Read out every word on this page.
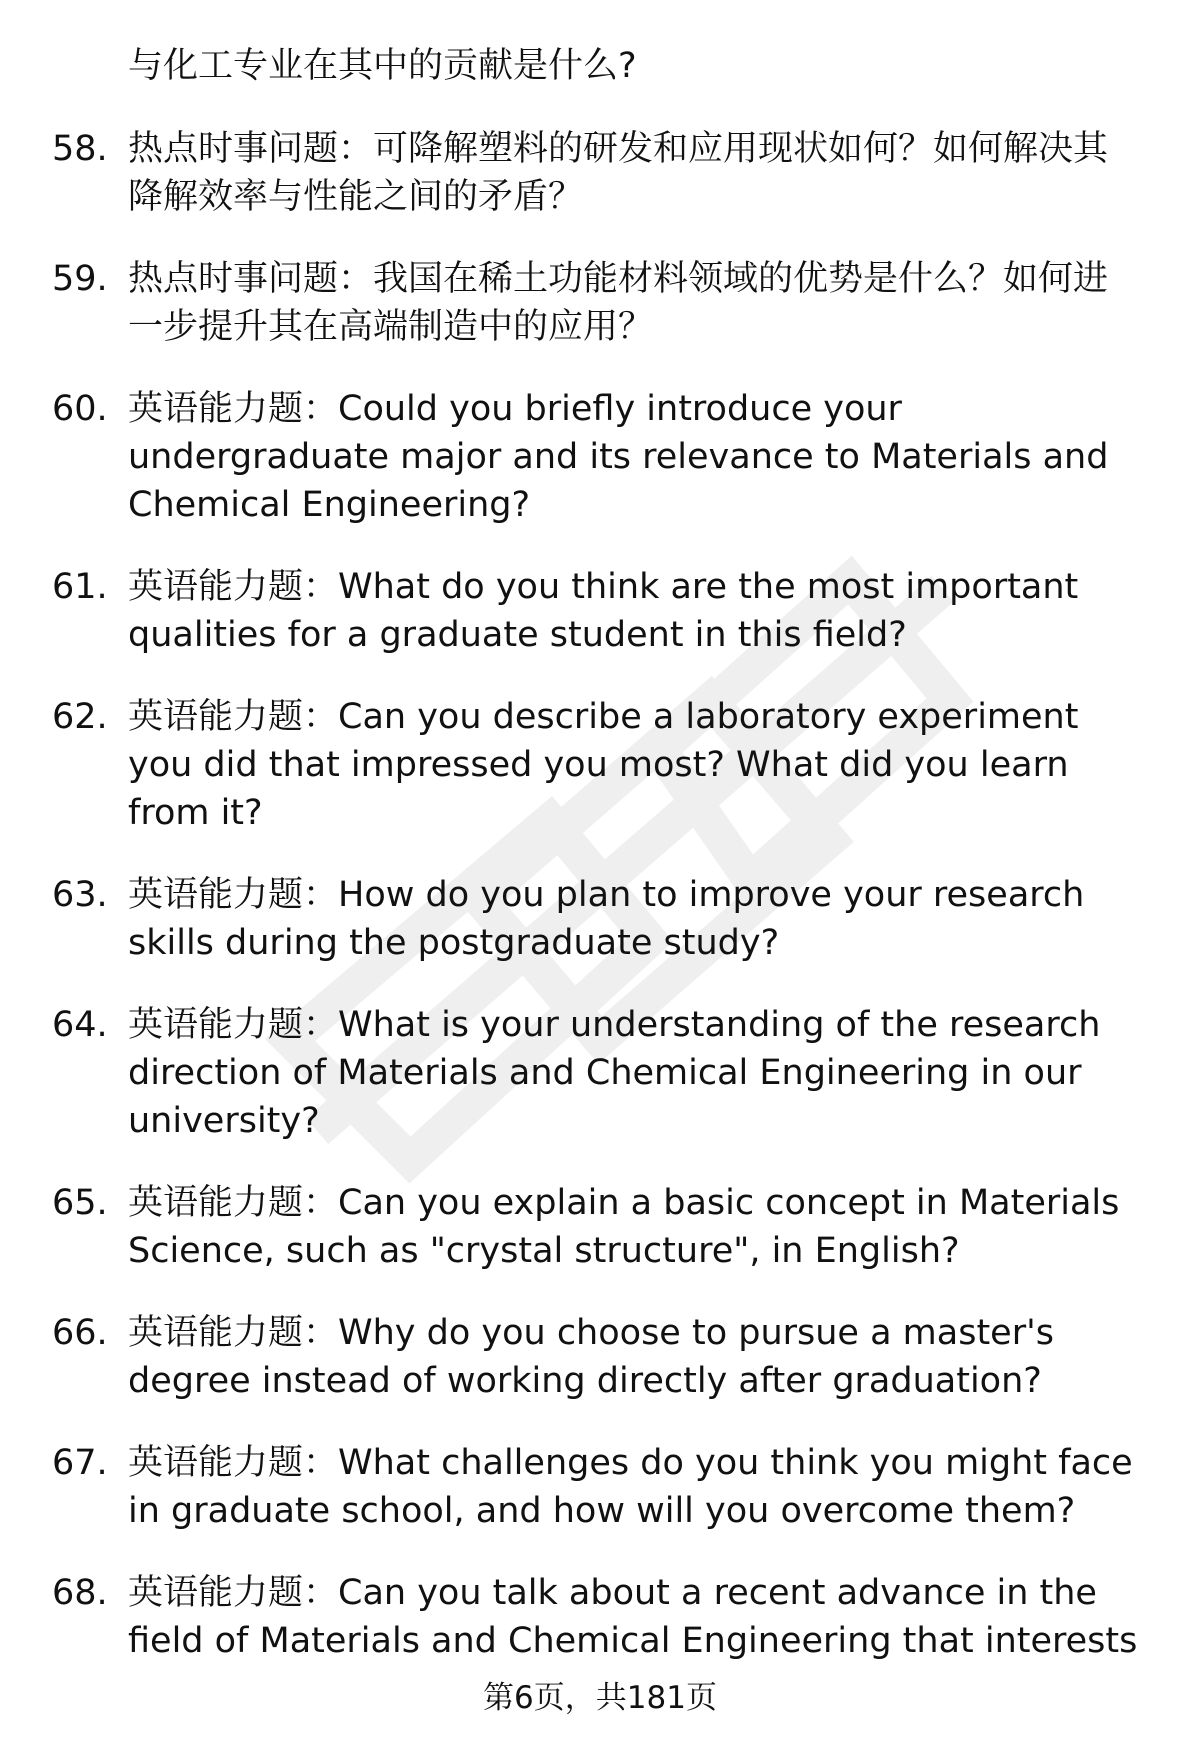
与化工专业在其中的贡献是什么?
58. 热点时事问题：可降解塑料的研发和应用现状如何？如何解决其降解效率与性能之间的矛盾？
59. 热点时事问题：我国在稀土功能材料领域的优势是什么？如何进一步提升其在高端制造中的应用？
60. 英语能力题：Could you briefly introduce your undergraduate major and its relevance to Materials and Chemical Engineering?
61. 英语能力题：What do you think are the most important qualities for a graduate student in this field?
62. 英语能力题：Can you describe a laboratory experiment you did that impressed you most? What did you learn from it?
63. 英语能力题：How do you plan to improve your research skills during the postgraduate study?
64. 英语能力题：What is your understanding of the research direction of Materials and Chemical Engineering in our university?
65. 英语能力题：Can you explain a basic concept in Materials Science, such as "crystal structure", in English?
66. 英语能力题：Why do you choose to pursue a master's degree instead of working directly after graduation?
67. 英语能力题：What challenges do you think you might face in graduate school, and how will you overcome them?
68. 英语能力题：Can you talk about a recent advance in the field of Materials and Chemical Engineering that interests
第6页，共181页
